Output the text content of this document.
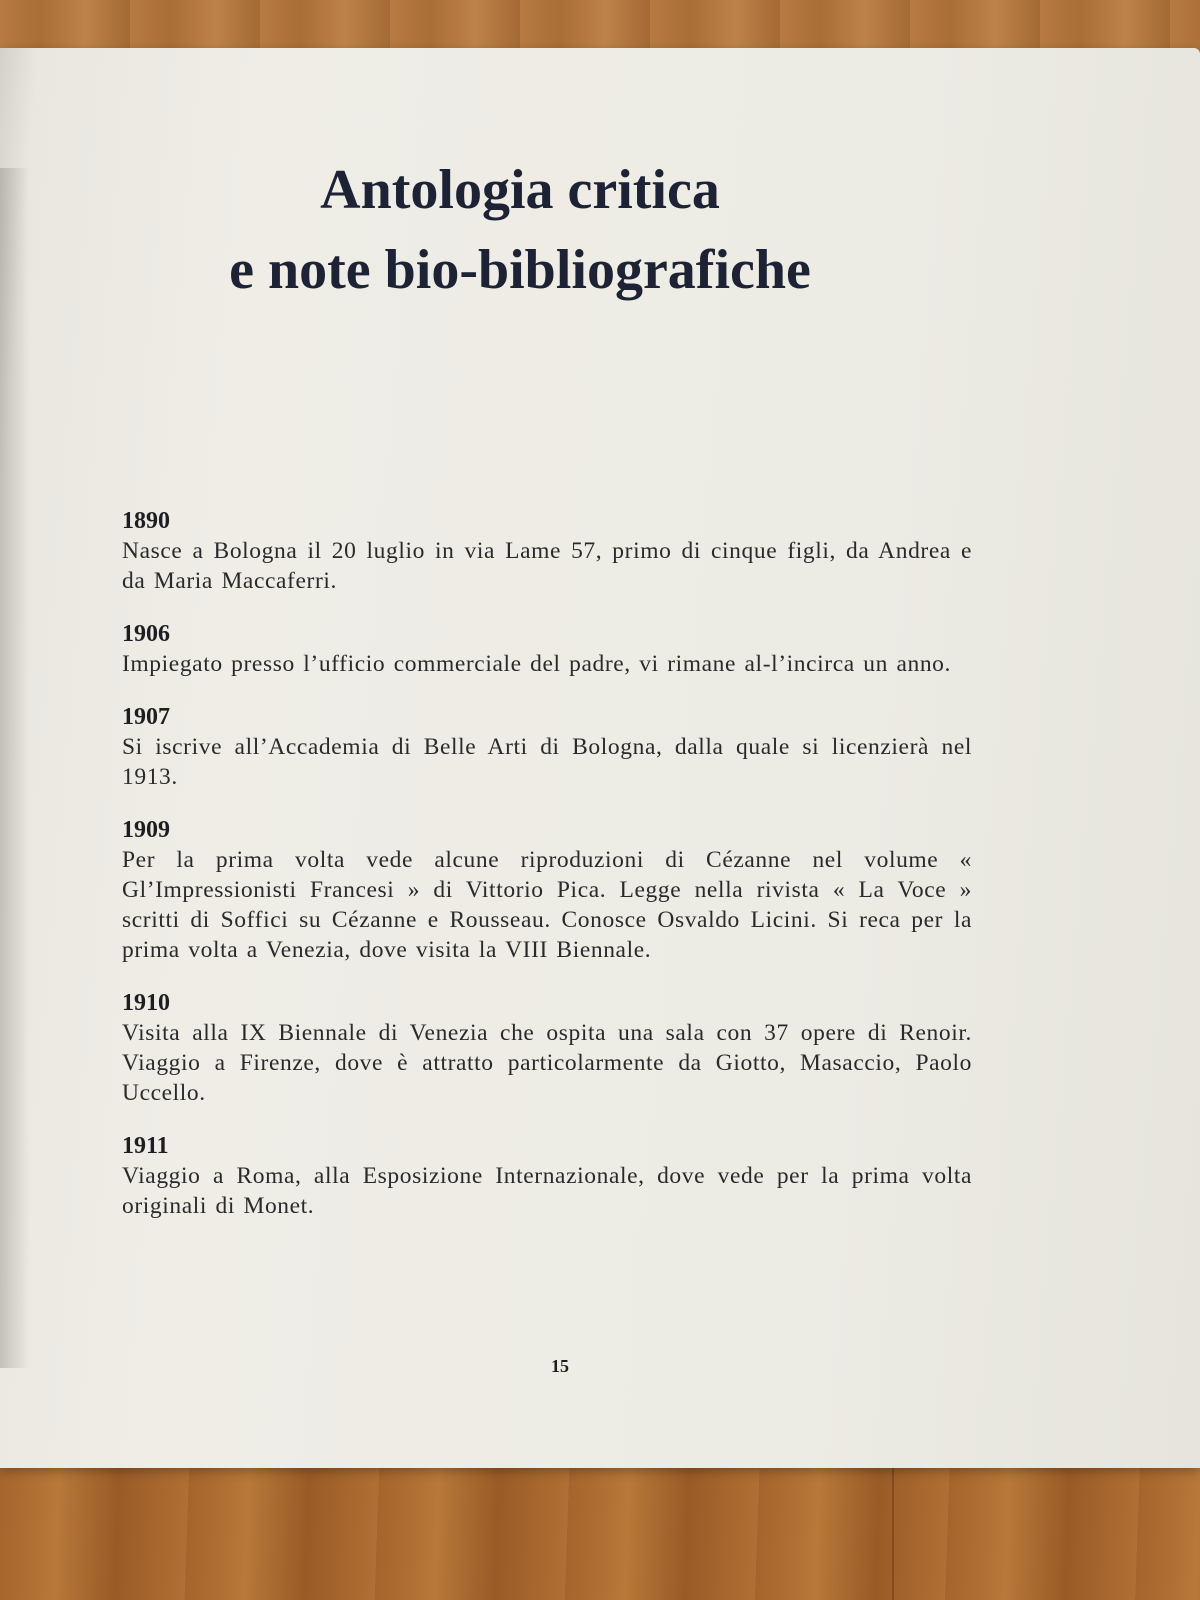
Antologia critica
e note bio-bibliografiche
1890
Nasce a Bologna il 20 luglio in via Lame 57, primo di cinque figli, da Andrea e da Maria Maccaferri.
1906
Impiegato presso l’ufficio commerciale del padre, vi rimane al-l’incirca un anno.
1907
Si iscrive all’Accademia di Belle Arti di Bologna, dalla quale si licenzierà nel 1913.
1909
Per la prima volta vede alcune riproduzioni di Cézanne nel volume « Gl’Impressionisti Francesi » di Vittorio Pica. Legge nella rivista « La Voce » scritti di Soffici su Cézanne e Rousseau. Conosce Osvaldo Licini. Si reca per la prima volta a Venezia, dove visita la VIII Biennale.
1910
Visita alla IX Biennale di Venezia che ospita una sala con 37 opere di Renoir. Viaggio a Firenze, dove è attratto particolarmente da Giotto, Masaccio, Paolo Uccello.
1911
Viaggio a Roma, alla Esposizione Internazionale, dove vede per la prima volta originali di Monet.
15
